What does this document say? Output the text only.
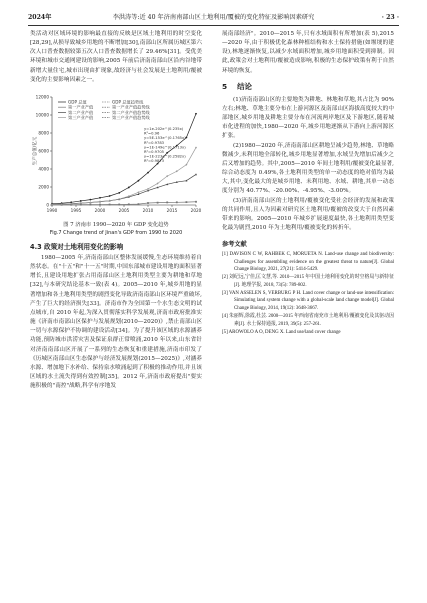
2024年	李洪涛等:近 40 年济南南部山区土地利用/覆被的变化特征及影响因素研究	· 23 ·

类活动对区域环境的影响最直接的反映是区域土地利用的时空变化[28,29],从损导致城乡用地的不断增加[30],南部山区所属历城区第六次人口普查数据较第五次人口普查数据增长了 29.46%[31]。受优美环境和城市交通网建设的影响,2005 年前后济南南部山区沿内谷地带新增大量住宅,城市出现由扩现象,故经济与社会发展是土地利用/覆被变化的主要影响因素之一。

0
2000
4000
6000
8000
10000
12000
1990	1995	2000	2005	2010	2015	2020
生产总值/亿元
GDP 总值
第一产业产值
第二产业产值
第三产业产值
GDP 总值趋势线
第一产业产值趋势线
第二产业产值趋势线
第三产业产值趋势线
y=1e-202e^(0.235x)
R²=0.96
y=5E-153e^(0.1765x)
R²=0.9783
y=1E-149e^(0.1713x)
R²=0.9705
y=1E-223e^(0.2582x)
R²=0.9873

图 7 济南市 1990—2020 年 GDP 变化趋势

Fig.7 Change trend of Jinan's GDP from 1990 to 2020

4.3 政策对土地利用变化的影响

1980—2005 年,济南南部山区整体发展缓慢,生态环境维持着自然状态。在"十五"和"十一五"时期,中国东部城市建设用地的面积显著增长,且建设用地扩张占用南部山区土地利用类型主要为耕地和草地[32],与本研究结论基本一致(表 4)。2005—2010 年,城乡用地的显著增加和各土地利用类型的剧烈变化导致济南南部山区环境严重破坏,产生了巨大的经济损失[33]。济南市作为全国第一个水生态文明的试点城市,自 2010 年起,为深入贯彻落实科学发展观,济南市政府批准实施《济南市南部山区保护与发展规划(2010—2020)》,禁止南部山区一切与水源保护不协调的建设活动[34]。为了提升该区域的水源涵养功能,预防城市洪涝灾害及保证泉群正常喷涌,2010 年以来,山东省针对济南南部山区开展了一系列的生态恢复和重建措施,济南市印发了《历城区南部山区生态保护与经济发展规划(2015—2025)》,对涵养水源、增加地下水补给、保持泉水喷涌起到了积极的推动作用,并且该区域的水土流失得到有效控制[35]。2012 年,济南市政府提出"要实施积极的"南控"战略,科学有序地发

展南部经济"。2010—2015 年,只有水域面积有所增加(表 5),2015—2020 年,由于积极优化森林种植结构和水土保持措施(如堰埂的建设),林地逐渐恢复,以减少水域面积增加,城乡用地面积受到抑制。因此,政策会对土地利用/覆被造成影响,积极的生态保护政策有利于自然环境的恢复。

5 结论

(1)济南南部山区的主要地类为耕地、林地和草地,其占比为 90%左右;林地、草地主要分布在上游河源区及南部山区海拔高度较大的中部地区,城乡用地及耕地主要分布在河流两岸地区及下游地区,随着城市化进程的加快,1980—2020 年,城乡用地逐渐从下游向上游河源区扩张。

(2)1980—2020 年,济南南部山区耕地呈减少趋势,林地、草地略微减少,未利用地全部转化,城乡用地显著增加,水域呈先增加后减少之后又增加的趋势。其中,2005—2010 年间土地利用/覆被变化最显著,综合动态度为 0.49%,各土地利用类型的单一动态度的绝对值均为最大,其中,变化最大的是城乡用地、未利用地、水域、耕地,其单一动态度分别为 40.77%、-20.00%、-4.95%、-3.00%。

(3)济南南部山区的土地利用/覆被变化受社会经济的发展和政策的共同作用,且人为因素对研究区土地利用/覆被的改变大于自然因素带来的影响。2005—2010 年城乡扩展速度最快,各土地利用类型变化最为剧烈,2010 年为土地利用/覆被变化的转折年。

参考文献

[1] DAVISON C W, RAHBEK C, MORUETA N. Land-use change and biodiversity: Challenges for assembling evidence on the greatest threat to nature[J]. Global Change Biology, 2021, 27(21): 5414-5429.

[2] 刘纪远,宁佳,匡文慧,等. 2010—2015 年中国土地利用变化的时空格局与新特征[J]. 地理学报, 2018, 73(5): 789-802.

[3] VAN ASSELEN S, VERBURG P H. Land cover change or land-use intensification: Simulating land system change with a global-scale land change model[J]. Global Change Biology, 2014, 19(12): 3648-3667.

[4] 朱丽辉,徐霞,杜芸. 2000—2015 年西南省南充市土地利用/覆被变化及其驱动因素[J]. 水土保持通报, 2019, 39(5): 257-261.

[5] AROWOLO A O, DENG X. Land use/land cover change
